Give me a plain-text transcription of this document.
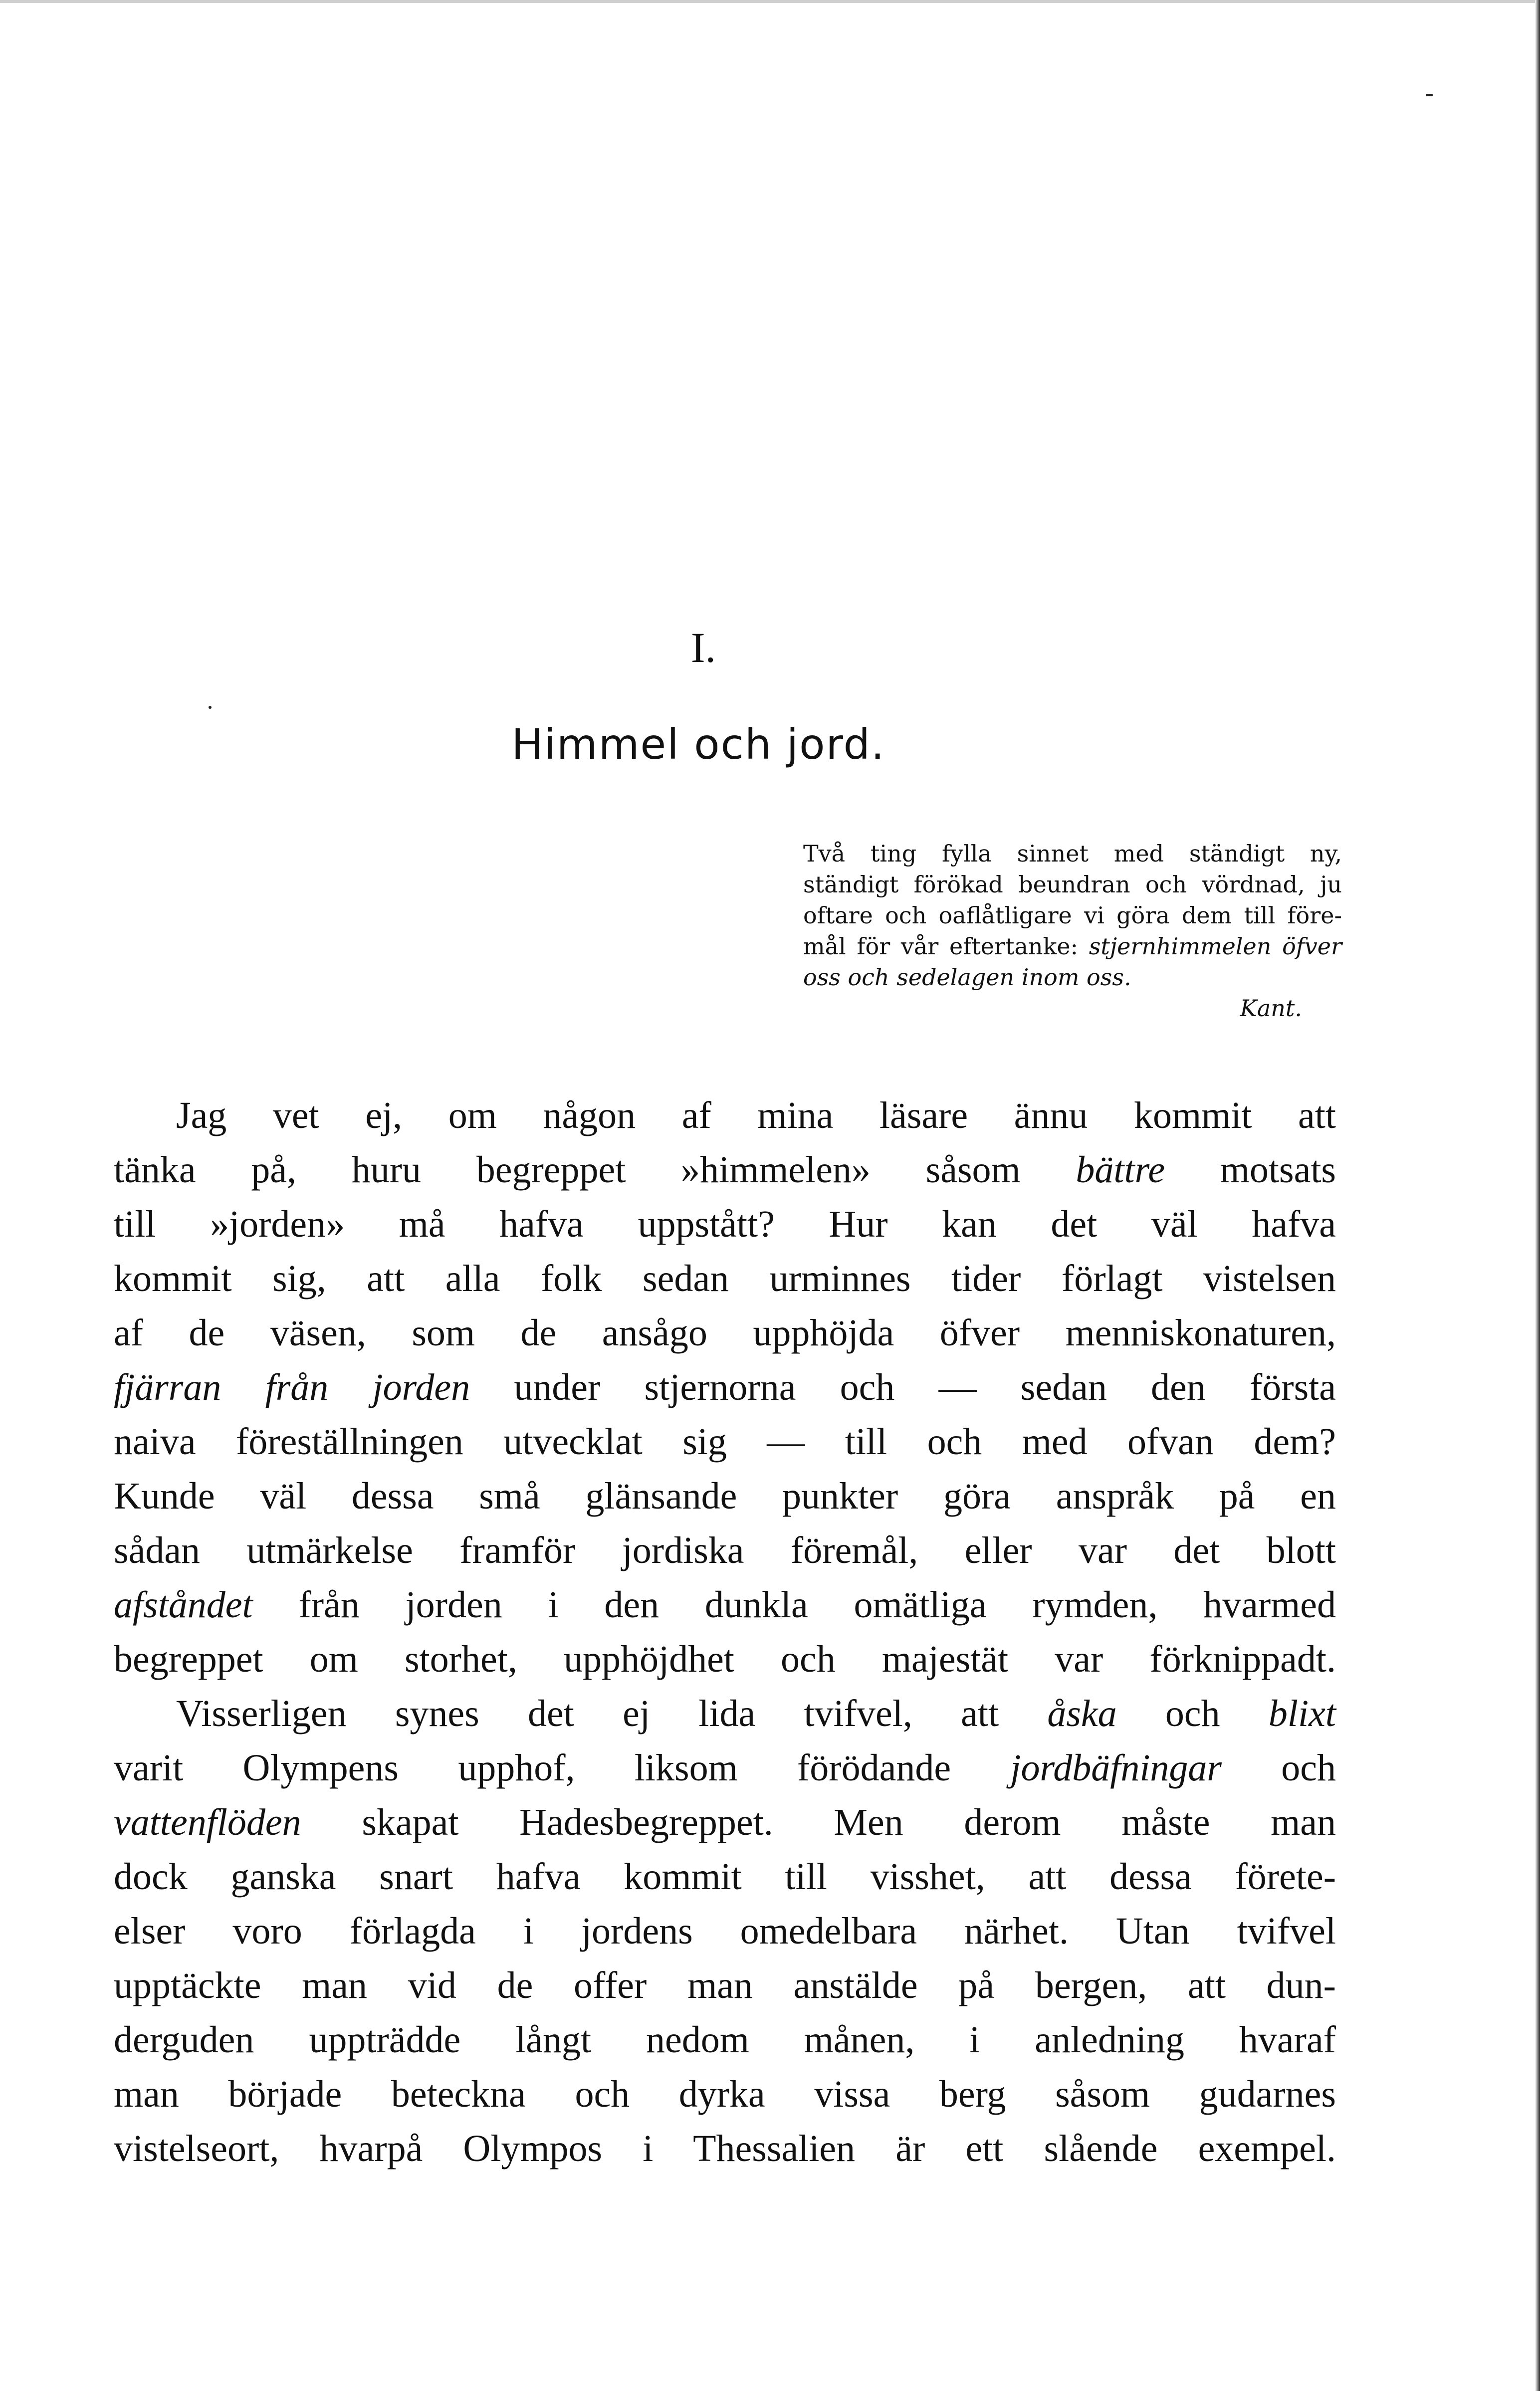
I.
Himmel och jord.
Två ting fylla sinnet med ständigt ny,
ständigt förökad beundran och vördnad, ju
oftare och oaflåtligare vi göra dem till före-
mål för vår eftertanke: stjernhimmelen öfver
oss och sedelagen inom oss.
Kant.
Jag vet ej, om någon af mina läsare ännu kommit att
tänka på, huru begreppet »himmelen» såsom bättre motsats
till »jorden» må hafva uppstått? Hur kan det väl hafva
kommit sig, att alla folk sedan urminnes tider förlagt vistelsen
af de väsen, som de ansågo upphöjda öfver menniskonaturen,
fjärran från jorden under stjernorna och — sedan den första
naiva föreställningen utvecklat sig — till och med ofvan dem?
Kunde väl dessa små glänsande punkter göra anspråk på en
sådan utmärkelse framför jordiska föremål, eller var det blott
afståndet från jorden i den dunkla omätliga rymden, hvarmed
begreppet om storhet, upphöjdhet och majestät var förknippadt.
Visserligen synes det ej lida tvifvel, att åska och blixt
varit Olympens upphof, liksom förödande jordbäfningar och
vattenflöden skapat Hadesbegreppet. Men derom måste man
dock ganska snart hafva kommit till visshet, att dessa förete-
elser voro förlagda i jordens omedelbara närhet. Utan tvifvel
upptäckte man vid de offer man anstälde på bergen, att dun-
derguden uppträdde långt nedom månen, i anledning hvaraf
man började beteckna och dyrka vissa berg såsom gudarnes
vistelseort, hvarpå Olympos i Thessalien är ett slående exempel.
